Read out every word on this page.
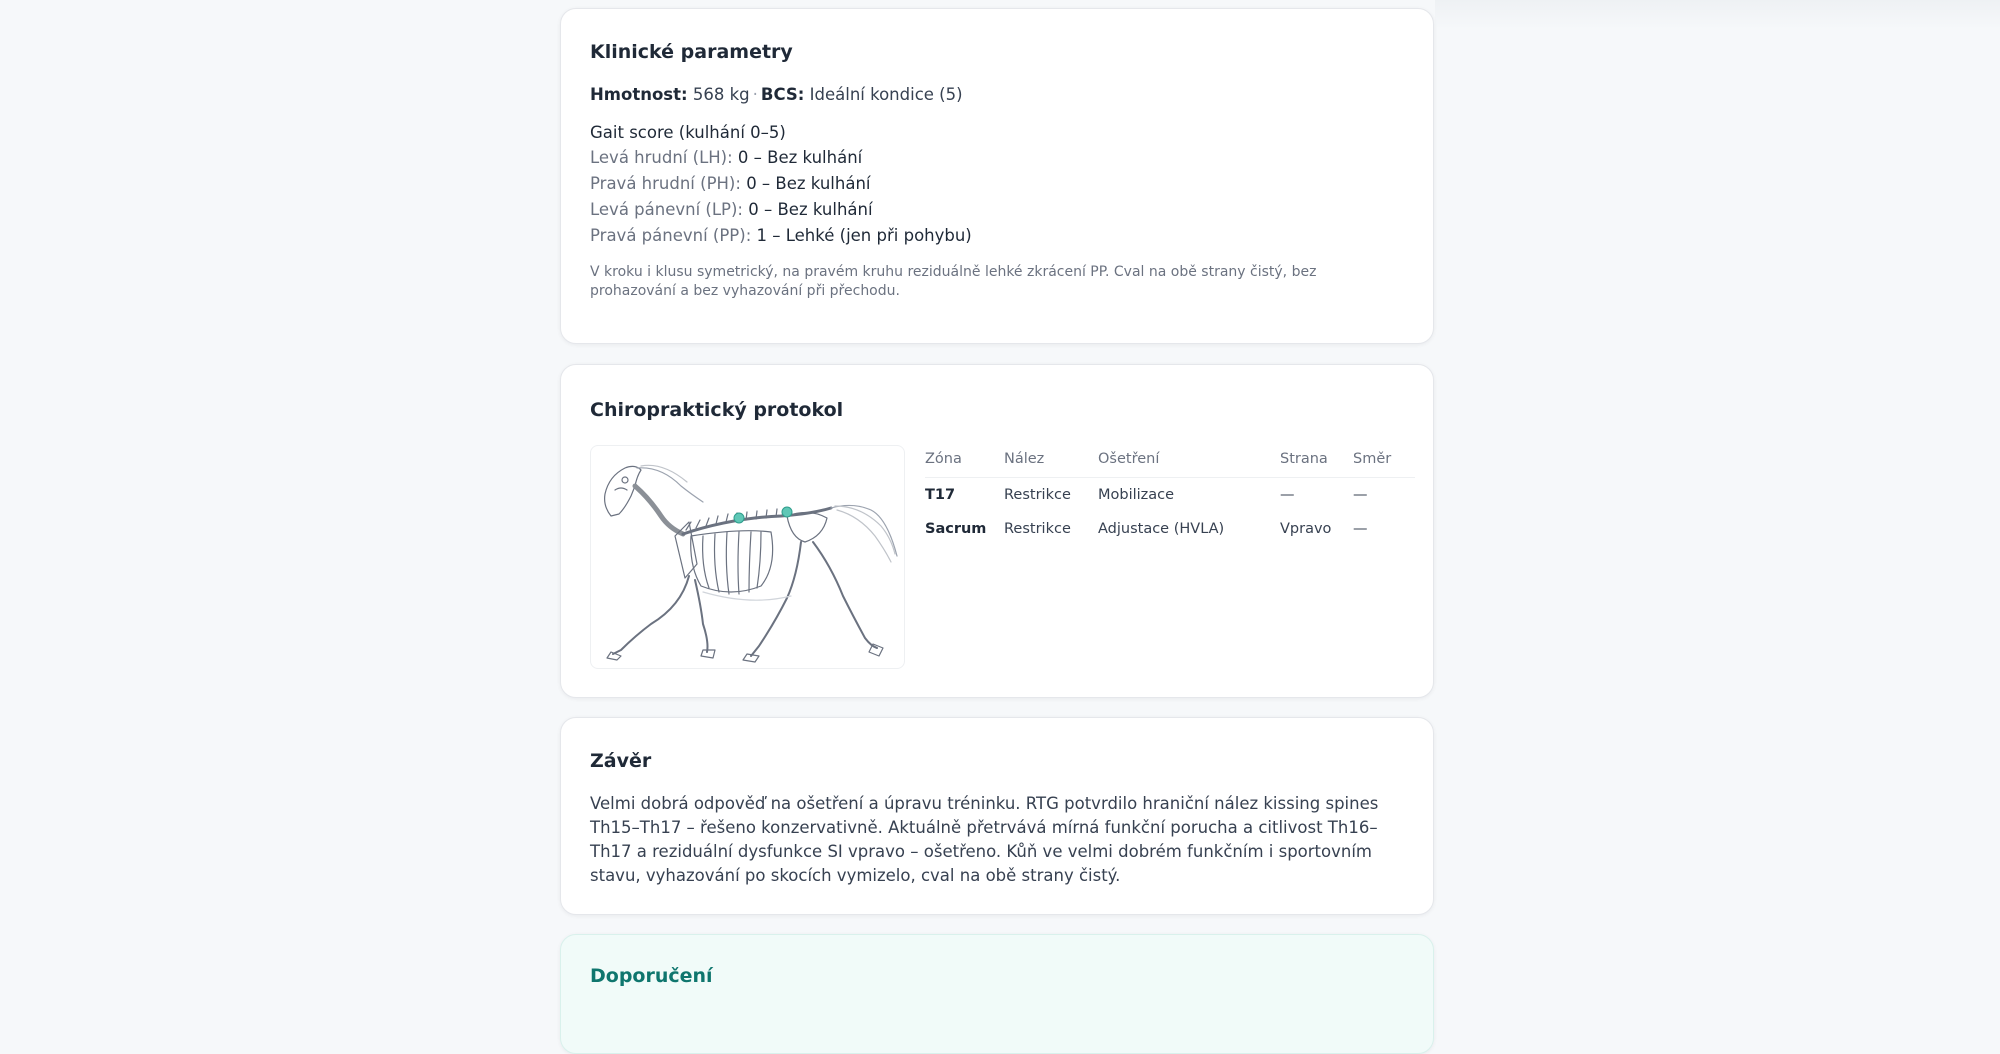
Klinické parametry
Hmotnost: 568 kg · BCS: Ideální kondice (5)
Gait score (kulhání 0–5)
Levá hrudní (LH): 0 – Bez kulhání
Pravá hrudní (PH): 0 – Bez kulhání
Levá pánevní (LP): 0 – Bez kulhání
Pravá pánevní (PP): 1 – Lehké (jen při pohybu)
V kroku i klusu symetrický, na pravém kruhu reziduálně lehké zkrácení PP. Cval na obě strany čistý, bez prohazování a bez vyhazování při přechodu.
Chiropraktický protokol
Zóna	Nález	Ošetření	Strana	Směr
T17	Restrikce	Mobilizace	—	—
Sacrum	Restrikce	Adjustace (HVLA)	Vpravo	—
Závěr
Velmi dobrá odpověď na ošetření a úpravu tréninku. RTG potvrdilo hraniční nález kissing spines Th15–Th17 – řešeno konzervativně. Aktuálně přetrvává mírná funkční porucha a citlivost Th16–Th17 a reziduální dysfunkce SI vpravo – ošetřeno. Kůň ve velmi dobrém funkčním i sportovním stavu, vyhazování po skocích vymizelo, cval na obě strany čistý.
Doporučení
